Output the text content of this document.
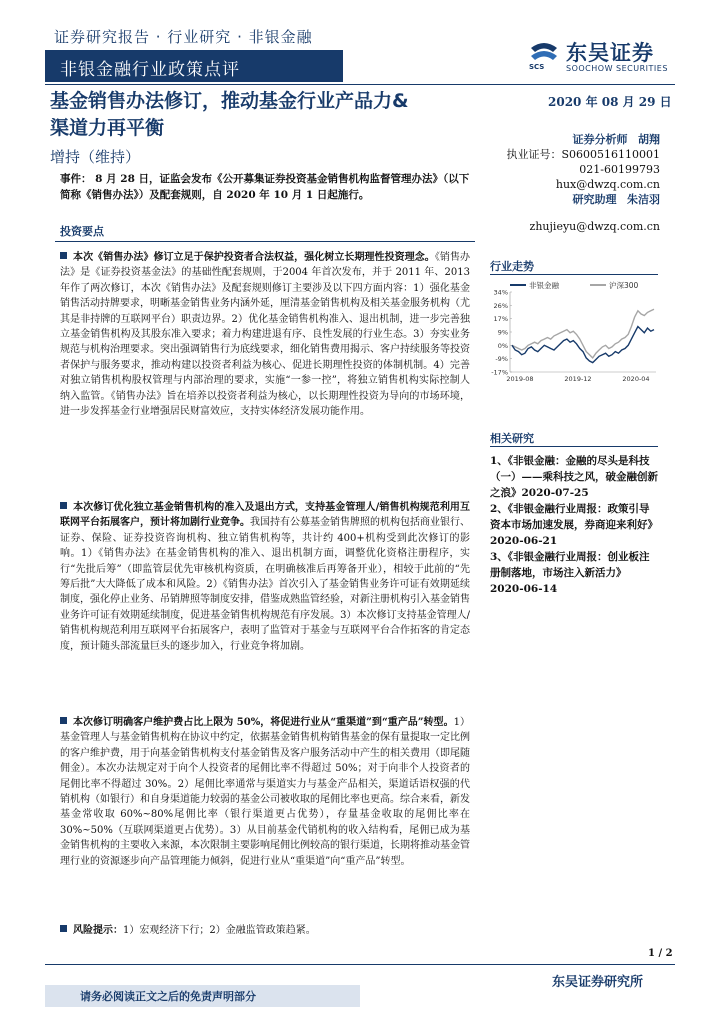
证券研究报告 · 行业研究 · 非银金融
非银金融行业政策点评	SCS
东吴证券
SOOCHOW SECURITIES
基金销售办法修订，推动基金行业产品力&
渠道力再平衡
增持（维持）
2020 年 08 月 29 日
证券分析师 胡翔
执业证号：S0600516110001
021-60199793
hux@dwzq.com.cn
研究助理 朱洁羽
zhujieyu@dwzq.com.cn
事件： 8 月 28 日，证监会发布《公开募集证券投资基金销售机构监督管理办法》（以下简称《销售办法》）及配套规则，自 2020 年 10 月 1 日起施行。
投资要点
本次《销售办法》修订立足于保护投资者合法权益，强化树立长期理性投资理念。《销售办法》是《证券投资基金法》的基础性配套规则，于2004 年首次发布，并于 2011 年、2013 年作了两次修订，本次《销售办法》及配套规则修订主要涉及以下四方面内容：1）强化基金销售活动持牌要求，明晰基金销售业务内涵外延，厘清基金销售机构及相关基金服务机构（尤其是非持牌的互联网平台）职责边界。2）优化基金销售机构准入、退出机制，进一步完善独立基金销售机构及其股东准入要求；着力构建进退有序、良性发展的行业生态。3）夯实业务规范与机构治理要求。突出强调销售行为底线要求，细化销售费用揭示、客户持续服务等投资者保护与服务要求，推动构建以投资者利益为核心、促进长期理性投资的体制机制。4）完善对独立销售机构股权管理与内部治理的要求，实施“一参一控”，将独立销售机构实际控制人纳入监管。《销售办法》旨在培养以投资者利益为核心，以长期理性投资为导向的市场环境，进一步发挥基金行业增强居民财富效应，支持实体经济发展功能作用。
本次修订优化独立基金销售机构的准入及退出方式，支持基金管理人/销售机构规范利用互联网平台拓展客户，预计将加剧行业竞争。我国持有公募基金销售牌照的机构包括商业银行、证券、保险、证券投资咨询机构、独立销售机构等，共计约 400+机构受到此次修订的影响。1）《销售办法》在基金销售机构的准入、退出机制方面，调整优化资格注册程序，实行“先批后筹”（即监管层优先审核机构资质，在明确核准后再筹备开业），相较于此前的“先筹后批”大大降低了成本和风险。2）《销售办法》首次引入了基金销售业务许可证有效期延续制度，强化停止业务、吊销牌照等制度安排，借鉴成熟监管经验，对新注册机构引入基金销售业务许可证有效期延续制度，促进基金销售机构规范有序发展。3）本次修订支持基金管理人/销售机构规范利用互联网平台拓展客户，表明了监管对于基金与互联网平台合作拓客的肯定态度，预计随头部流量巨头的逐步加入，行业竞争将加剧。
本次修订明确客户维护费占比上限为 50%，将促进行业从“重渠道”到“重产品”转型。1）基金管理人与基金销售机构在协议中约定，依据基金销售机构销售基金的保有量提取一定比例的客户维护费，用于向基金销售机构支付基金销售及客户服务活动中产生的相关费用（即尾随佣金）。本次办法规定对于向个人投资者的尾佣比率不得超过 50%；对于向非个人投资者的尾佣比率不得超过 30%。2）尾佣比率通常与渠道实力与基金产品相关，渠道话语权强的代销机构（如银行）和自身渠道能力较弱的基金公司被收取的尾佣比率也更高。综合来看，新发基金常收取 60%~80%尾佣比率（银行渠道更占优势），存量基金收取的尾佣比率在 30%~50%（互联网渠道更占优势）。3）从目前基金代销机构的收入结构看，尾佣已成为基金销售机构的主要收入来源，本次限制主要影响尾佣比例较高的银行渠道，长期将推动基金管理行业的资源逐步向产品管理能力倾斜，促进行业从“重渠道”向“重产品”转型。
风险提示：1）宏观经济下行；2）金融监管政策趋紧。
行业走势
非银金融	沪深300
34%
26%
17%
9%
0%
-9%
-17%
2019-08	2019-12	2020-04
相关研究
1、《非银金融：金融的尽头是科技（一）——乘科技之风，破金融创新之浪》2020-07-25
2、《非银金融行业周报：政策引导资本市场加速发展，券商迎来利好》2020-06-21
3、《非银金融行业周报：创业板注册制落地，市场注入新活力》2020-06-14
1 / 2
东吴证券研究所
请务必阅读正文之后的免责声明部分
